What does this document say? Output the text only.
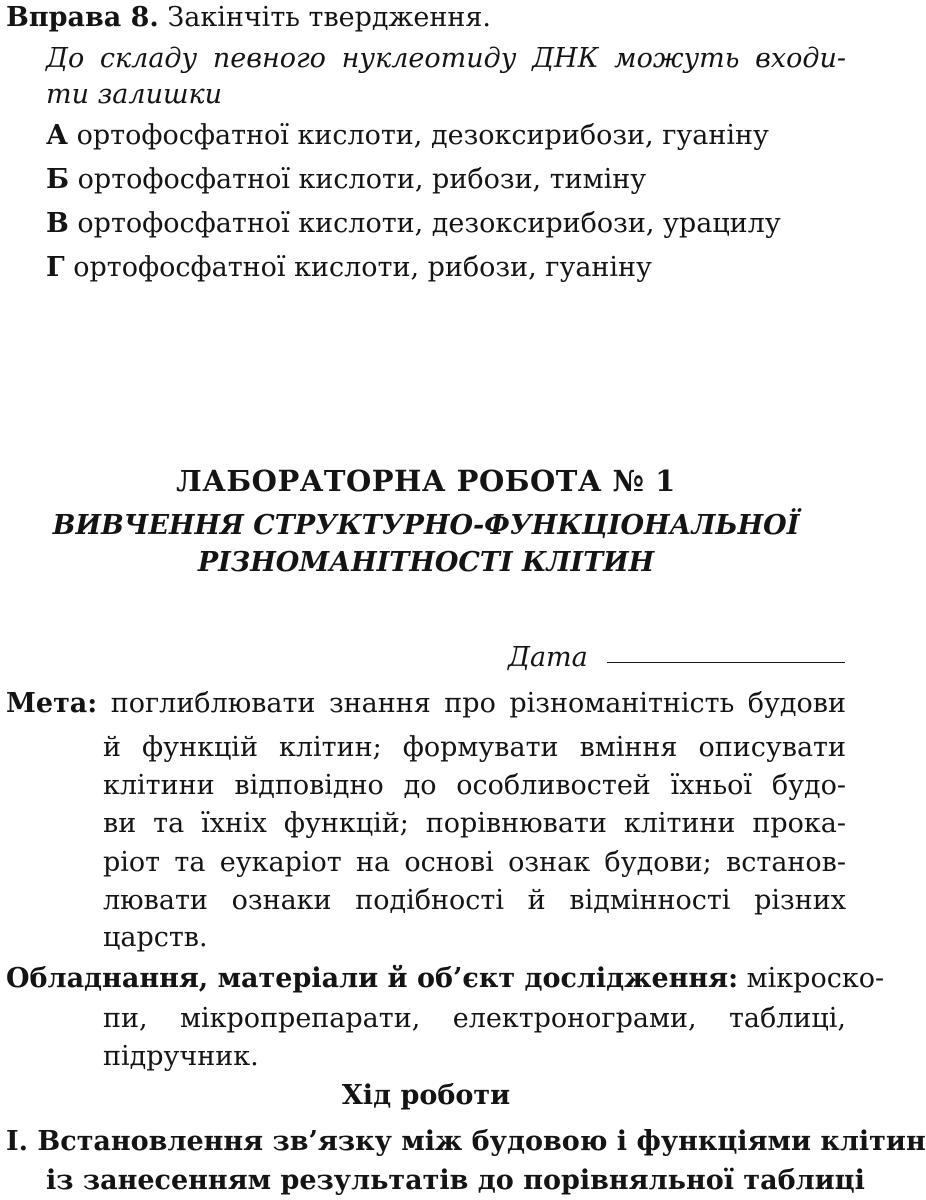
Вправа 8. Закінчіть твердження.
До складу певного нуклеотиду ДНК можуть входи-
ти залишки
А ортофосфатної кислоти, дезоксирибози, гуаніну
Б ортофосфатної кислоти, рибози, тиміну
В ортофосфатної кислоти, дезоксирибози, урацилу
Г ортофосфатної кислоти, рибози, гуаніну
ЛАБОРАТОРНА РОБОТА № 1
ВИВЧЕННЯ СТРУКТУРНО-ФУНКЦІОНАЛЬНОЇ
РІЗНОМАНІТНОСТІ КЛІТИН
Дата
Мета: поглиблювати знання про різноманітність будови
й функцій клітин; формувати вміння описувати
клітини відповідно до особливостей їхньої будо-
ви та їхніх функцій; порівнювати клітини прока-
ріот та еукаріот на основі ознак будови; встанов-
лювати ознаки подібності й відмінності різних
царств.
Обладнання, матеріали й об’єкт дослідження: мікроско-
пи, мікропрепарати, електронограми, таблиці,
підручник.
Хід роботи
І. Встановлення зв’язку між будовою і функціями клітин
із занесенням результатів до порівняльної таблиці
